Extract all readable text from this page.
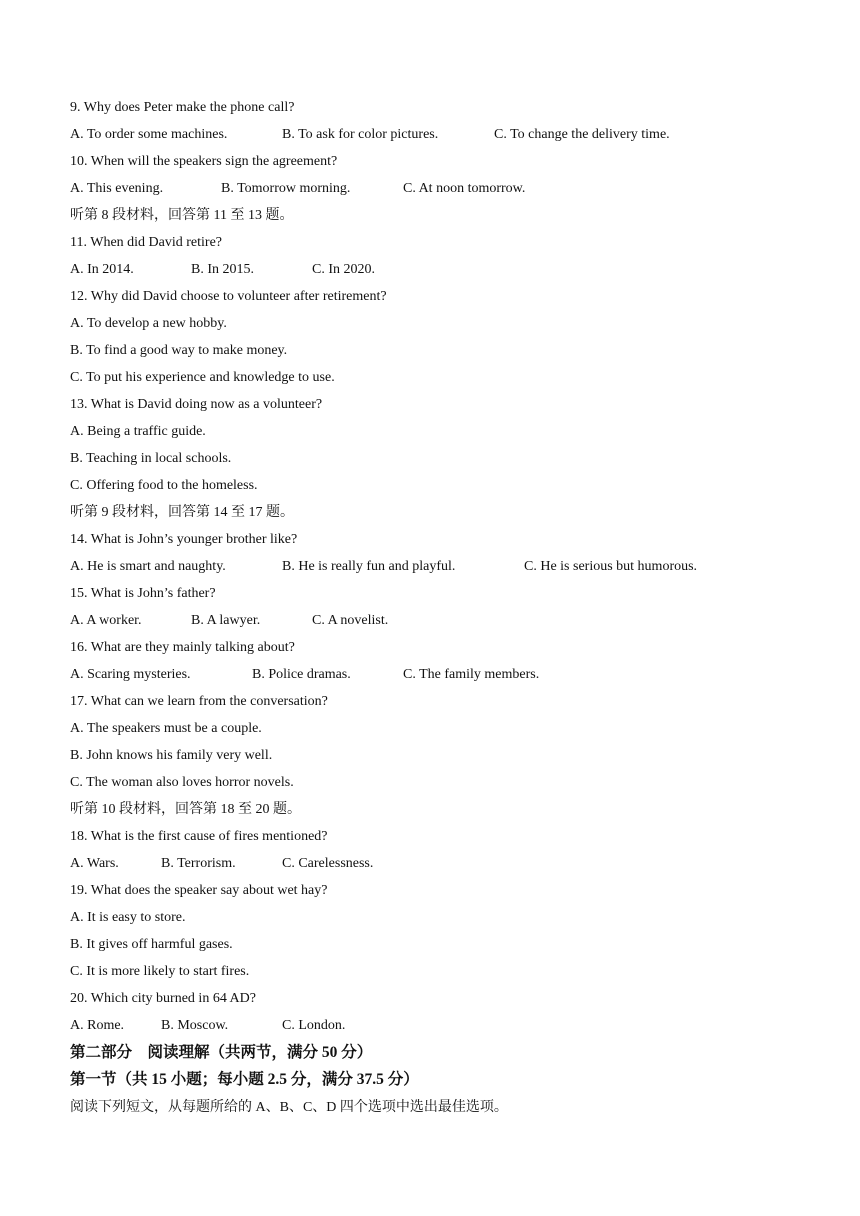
9. Why does Peter make the phone call?
A. To order some machines.	B. To ask for color pictures.	C. To change the delivery time.
10. When will the speakers sign the agreement?
A. This evening.	B. Tomorrow morning.	C. At noon tomorrow.
听第 8 段材料，回答第 11 至 13 题。
11. When did David retire?
A. In 2014.	B. In 2015.	C. In 2020.
12. Why did David choose to volunteer after retirement?
A. To develop a new hobby.
B. To find a good way to make money.
C. To put his experience and knowledge to use.
13. What is David doing now as a volunteer?
A. Being a traffic guide.
B. Teaching in local schools.
C. Offering food to the homeless.
听第 9 段材料，回答第 14 至 17 题。
14. What is John’s younger brother like?
A. He is smart and naughty.	B. He is really fun and playful.	C. He is serious but humorous.
15. What is John’s father?
A. A worker.	B. A lawyer.	C. A novelist.
16. What are they mainly talking about?
A. Scaring mysteries.	B. Police dramas.	C. The family members.
17. What can we learn from the conversation?
A. The speakers must be a couple.
B. John knows his family very well.
C. The woman also loves horror novels.
听第 10 段材料，回答第 18 至 20 题。
18. What is the first cause of fires mentioned?
A. Wars.	B. Terrorism.	C. Carelessness.
19. What does the speaker say about wet hay?
A. It is easy to store.
B. It gives off harmful gases.
C. It is more likely to start fires.
20. Which city burned in 64 AD?
A. Rome.	B. Moscow.	C. London.
第二部分　阅读理解（共两节，满分 50 分）
第一节（共 15 小题；每小题 2.5 分，满分 37.5 分）
阅读下列短文，从每题所给的 A、B、C、D 四个选项中选出最佳选项。
